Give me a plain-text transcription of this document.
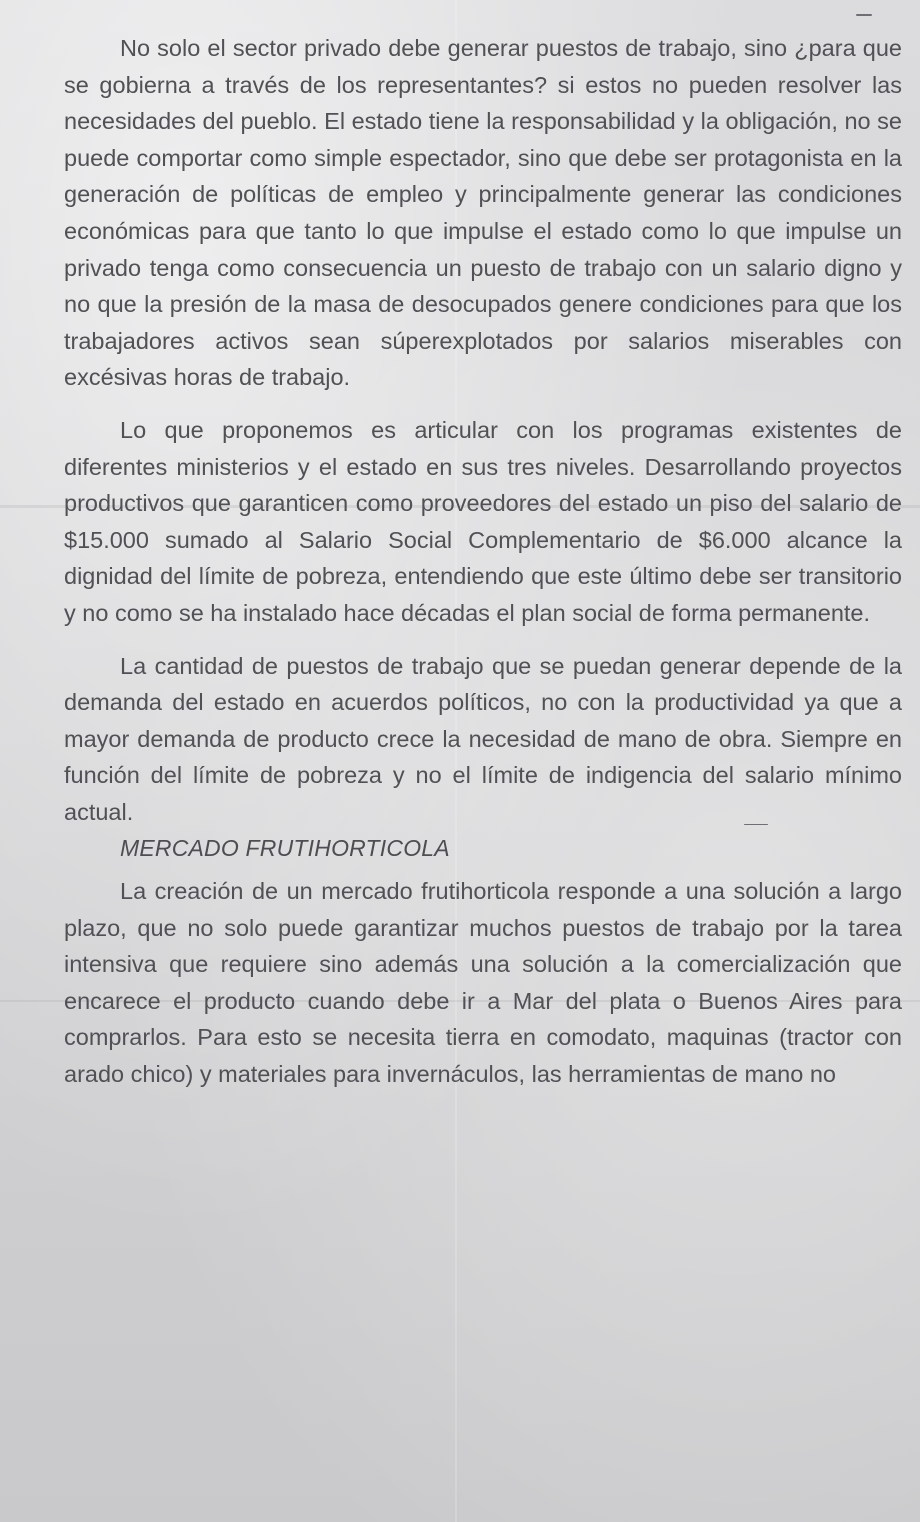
No solo el sector privado debe generar puestos de trabajo, sino ¿para que se gobierna a través de los representantes? si estos no pueden resolver las necesidades del pueblo. El estado tiene la responsabilidad y la obligación, no se puede comportar como simple espectador, sino que debe ser protagonista en la generación de políticas de empleo y principalmente generar las condiciones económicas para que tanto lo que impulse el estado como lo que impulse un privado tenga como consecuencia un puesto de trabajo con un salario digno y no que la presión de la masa de desocupados genere condiciones para que los trabajadores activos sean súperexplotados por salarios miserables con excésivas horas de trabajo.

Lo que proponemos es articular con los programas existentes de diferentes ministerios y el estado en sus tres niveles. Desarrollando proyectos productivos que garanticen como proveedores del estado un piso del salario de $15.000 sumado al Salario Social Complementario de $6.000 alcance la dignidad del límite de pobreza, entendiendo que este último debe ser transitorio y no como se ha instalado hace décadas el plan social de forma permanente.

La cantidad de puestos de trabajo que se puedan generar depende de la demanda del estado en acuerdos políticos, no con la productividad ya que a mayor demanda de producto crece la necesidad de mano de obra. Siempre en función del límite de pobreza y no el límite de indigencia del salario mínimo actual.

MERCADO FRUTIHORTICOLA

La creación de un mercado frutihorticola responde a una solución a largo plazo, que no solo puede garantizar muchos puestos de trabajo por la tarea intensiva que requiere sino además una solución a la comercialización que encarece el producto cuando debe ir a Mar del plata o Buenos Aires para comprarlos. Para esto se necesita tierra en comodato, maquinas (tractor con arado chico) y materiales para invernáculos, las herramientas de mano no
